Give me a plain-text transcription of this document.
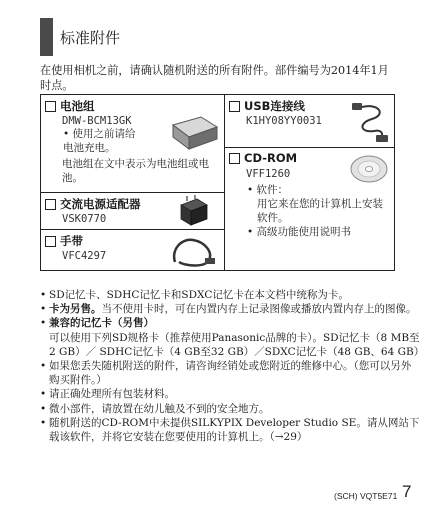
标准附件
在使用相机之前，请确认随机附送的所有附件。部件编号为2014年1月时点。
电池组
DMW-BCM13GK
• 使用之前请给电池充电。
电池组在文中表示为电池组或电池。
USB连接线
K1HY08YY0031
CD-ROM
VFF1260
• 软件：
用它来在您的计算机上安装软件。
• 高级功能使用说明书
交流电源适配器
VSK0770
手带
VFC4297
• SD记忆卡、SDHC记忆卡和SDXC记忆卡在本文档中统称为卡。
• 卡为另售。当不使用卡时，可在内置内存上记录图像或播放内置内存上的图像。
• 兼容的记忆卡（另售）
可以使用下列SD规格卡（推荐使用Panasonic品牌的卡）。SD记忆卡（8 MB至2 GB）／ SDHC记忆卡（4 GB至32 GB）／SDXC记忆卡（48 GB、64 GB）
• 如果您丢失随机附送的附件，请咨询经销处或您附近的维修中心。（您可以另外购买附件。）
• 请正确处理所有包装材料。
• 微小部件，请放置在幼儿触及不到的安全地方。
• 随机附送的CD-ROM中未提供SILKYPIX Developer Studio SE。请从网站下载该软件，并将它安装在您要使用的计算机上。（→29）
(SCH) VQT5E71 7
